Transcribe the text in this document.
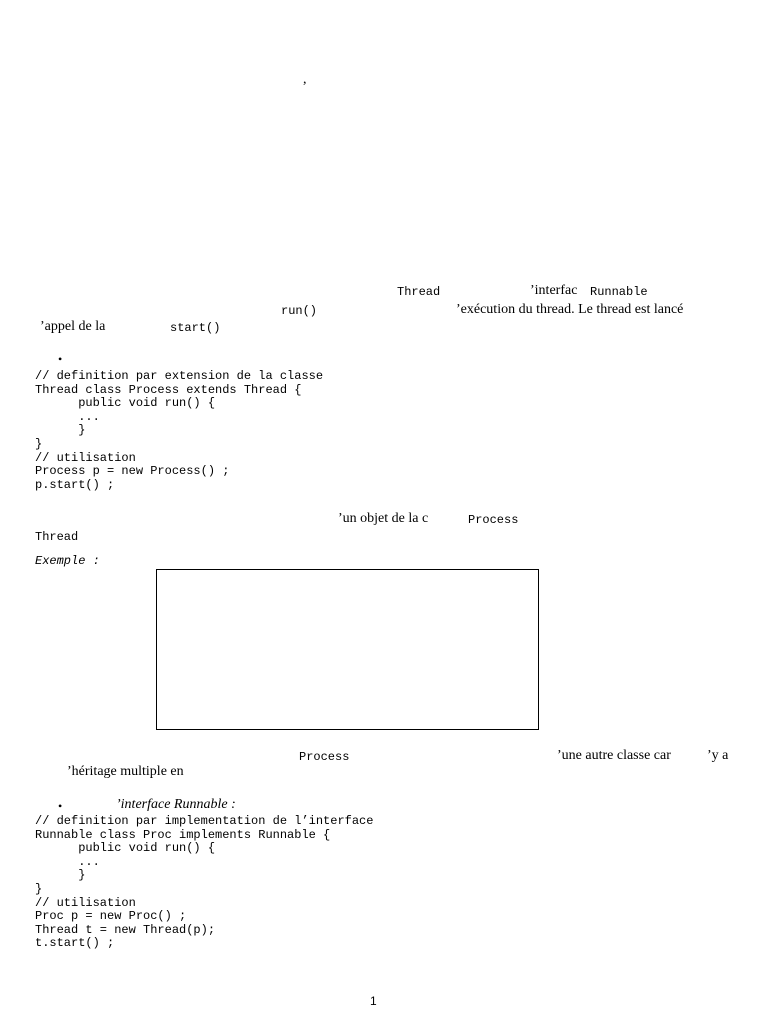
,
Thread	’interfac Runnable
run()	’exécution du thread. Le thread est lancé
’appel de la	start()
•
// definition par extension de la classe
Thread class Process extends Thread {
public void run() {
...
}
}
// utilisation
Process p = new Process() ;
p.start() ;
’un objet de la c	Process
Thread
Exemple :
Process	’une autre classe car	’y a
’héritage multiple en
•	’interface Runnable :
// definition par implementation de l’interface
Runnable class Proc implements Runnable {
public void run() {
...
}
}
// utilisation
Proc p = new Proc() ;
Thread t = new Thread(p);
t.start() ;
1
